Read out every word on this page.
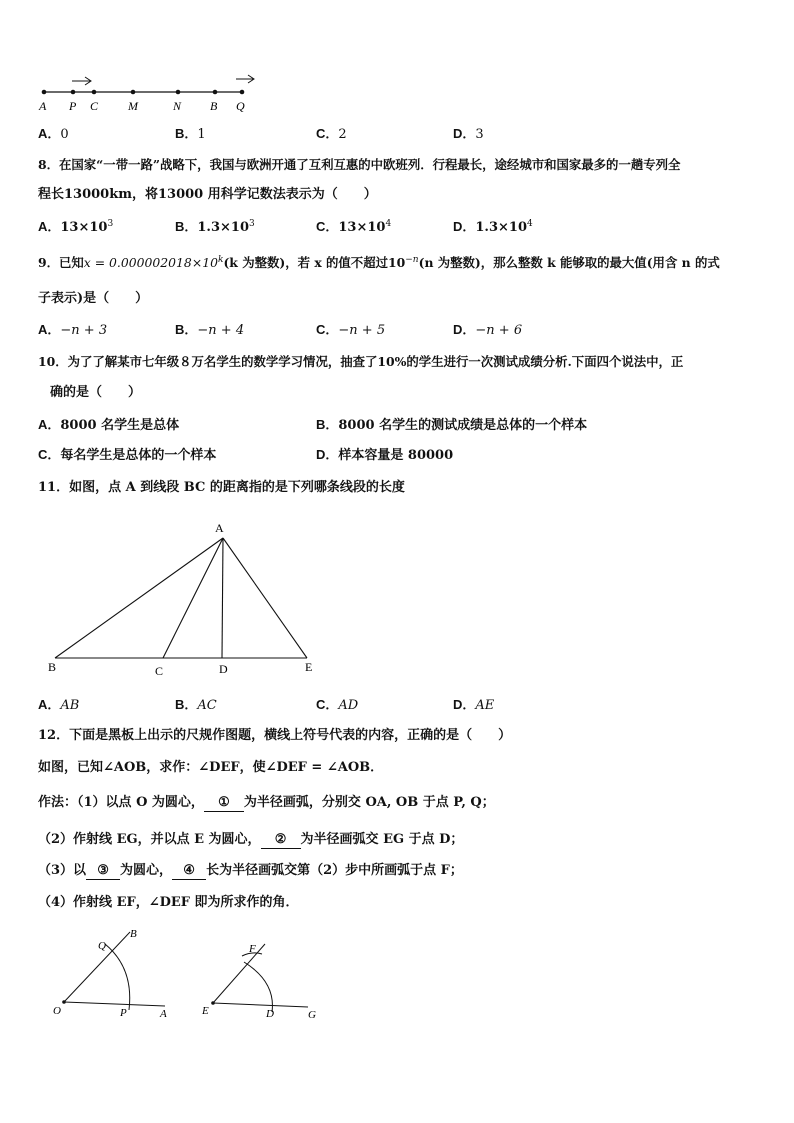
A P C M	N B Q
A．0	B．1	C．2	D．3
8．在国家“一带一路”战略下，我国与欧洲开通了互利互惠的中欧班列．行程最长，途经城市和国家最多的一趟专列全
程长13000km，将13000 用科学记数法表示为（　　）
A．$13\times 10^3$	B．$1.3\times 10^3$	C．$13\times 10^4$	D．$1.3\times 10^4$
9．已知$x = 0.000002018\times 10^k(k$ 为整数)，若 x 的值不超过$10^{-n}(n$ 为整数)，那么整数 k 能够取的最大值(用含 n 的式
子表示)是（　　）
A．−n + 3	B．−n + 4	C．−n + 5	D．−n + 6
10．为了了解某市七年级８万名学生的数学学习情况，抽查了10%的学生进行一次测试成绩分析.下面四个说法中，正
确的是（　　）
A．8000 名学生是总体	B．8000 名学生的测试成绩是总体的一个样本
C．每名学生是总体的一个样本	D．样本容量是 80000
11．如图，点 A 到线段 BC 的距离指的是下列哪条线段的长度
A
B	C	D	E
A．AB	B．AC	C．AD	D．AE
12．下面是黑板上出示的尺规作图题，横线上符号代表的内容，正确的是（　　）
如图，已知∠AOB，求作：∠DEF，使∠DEF = ∠AOB．
作法：（1）以点 O 为圆心， ① 为半径画弧，分别交 OA, OB 于点 P, Q；
（2）作射线 EG，并以点 E 为圆心， ② 为半径画弧交 EG 于点 D；
（3）以 ③ 为圆心， ④ 长为半径画弧交第（2）步中所画弧于点 F；
（4）作射线 EF，∠DEF 即为所求作的角．
O	P	A
Q
B
E	D	G
F
